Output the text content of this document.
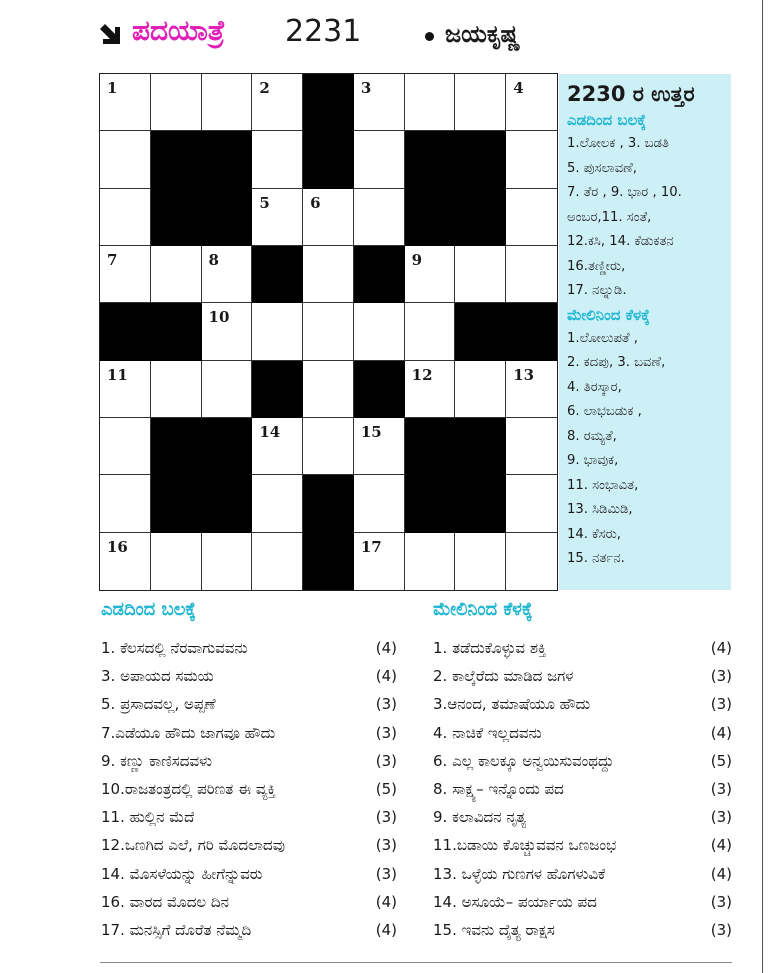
ಪದಯಾತ್ರೆ 2231	ಜಯಕೃಷ್ಣ
1	2	3	4
5	6
7	8	9
10
11	12	13
14	15
16	17
2230 ರ ಉತ್ತರ
ಎಡದಿಂದ ಬಲಕ್ಕೆ
1.ಲೋಲಕ , 3. ಬಡತಿ
5. ಪುಸಲಾವಣೆ,
7. ತೆರ , 9. ಭಾರ , 10.
ಅಂಬರ,11. ಸಂತೆ,
12.ಕಸಿ, 14. ಕೆಡುಕತನ
16.ತಣ್ಣೀರು,
17. ನಲ್ನುಡಿ.
ಮೇಲಿನಿಂದ ಕೆಳಕ್ಕೆ
1.ಲೋಲುಪತೆ ,
2. ಕದಪು, 3. ಬವಣೆ,
4. ತಿರಸ್ಕಾರ,
6. ಲಾಭಬಡುಕ ,
8. ರಮ್ಯತೆ,
9. ಭಾವುಕ,
11. ಸಂಭಾವಿತ,
13. ಸಿಡಿಮಿಡಿ,
14. ಕೆಸರು,
15. ನರ್ತನ.
ಎಡದಿಂದ ಬಲಕ್ಕೆ
1. ಕೆಲಸದಲ್ಲಿ ನೆರವಾಗುವವನು	(4)
3. ಅಪಾಯದ ಸಮಯ	(4)
5. ಪ್ರಸಾದವಲ್ಲ, ಅಪ್ಪಣೆ	(3)
7.ಎಡೆಯೂ ಹೌದು ಜಾಗವೂ ಹೌದು	(3)
9. ಕಣ್ಣು ಕಾಣಿಸದವಳು	(3)
10.ರಾಜತಂತ್ರದಲ್ಲಿ ಪರಿಣತ ಈ ವ್ಯಕ್ತಿ	(5)
11. ಹುಲ್ಲಿನ ಮೆದೆ	(3)
12.ಒಣಗಿದ ಎಲೆ, ಗರಿ ಮೊದಲಾದವು	(3)
14. ಮೊಸಳೆಯನ್ನು ಹೀಗೆನ್ನುವರು	(3)
16. ವಾರದ ಮೊದಲ ದಿನ	(4)
17. ಮನಸ್ಸಿಗೆ ದೊರೆತ ನೆಮ್ಮದಿ	(4)
ಮೇಲಿನಿಂದ ಕೆಳಕ್ಕೆ
1. ತಡೆದುಕೊಳ್ಳುವ ಶಕ್ತಿ	(4)
2. ಕಾಲ್ಕೆರೆದು ಮಾಡಿದ ಜಗಳ	(3)
3.ಆನಂದ, ತಮಾಷೆಯೂ ಹೌದು	(3)
4. ನಾಚಿಕೆ ಇಲ್ಲದವನು	(4)
6. ಎಲ್ಲ ಕಾಲಕ್ಕೂ ಅನ್ವಯಿಸುವಂಥದ್ದು	(5)
8. ಸಾಕ್ಷ್ಯ– ಇನ್ನೊಂದು ಪದ	(3)
9. ಕಲಾವಿದನ ನೃತ್ಯ	(3)
11.ಬಡಾಯಿ ಕೊಚ್ಚುವವನ ಒಣಜಂಭ	(4)
13. ಒಳ್ಳೆಯ ಗುಣಗಳ ಹೊಗಳುವಿಕೆ	(4)
14. ಅಸೂಯೆ– ಪರ್ಯಾಯ ಪದ	(3)
15. ಇವನು ದೈತ್ಯ ರಾಕ್ಷಸ	(3)
